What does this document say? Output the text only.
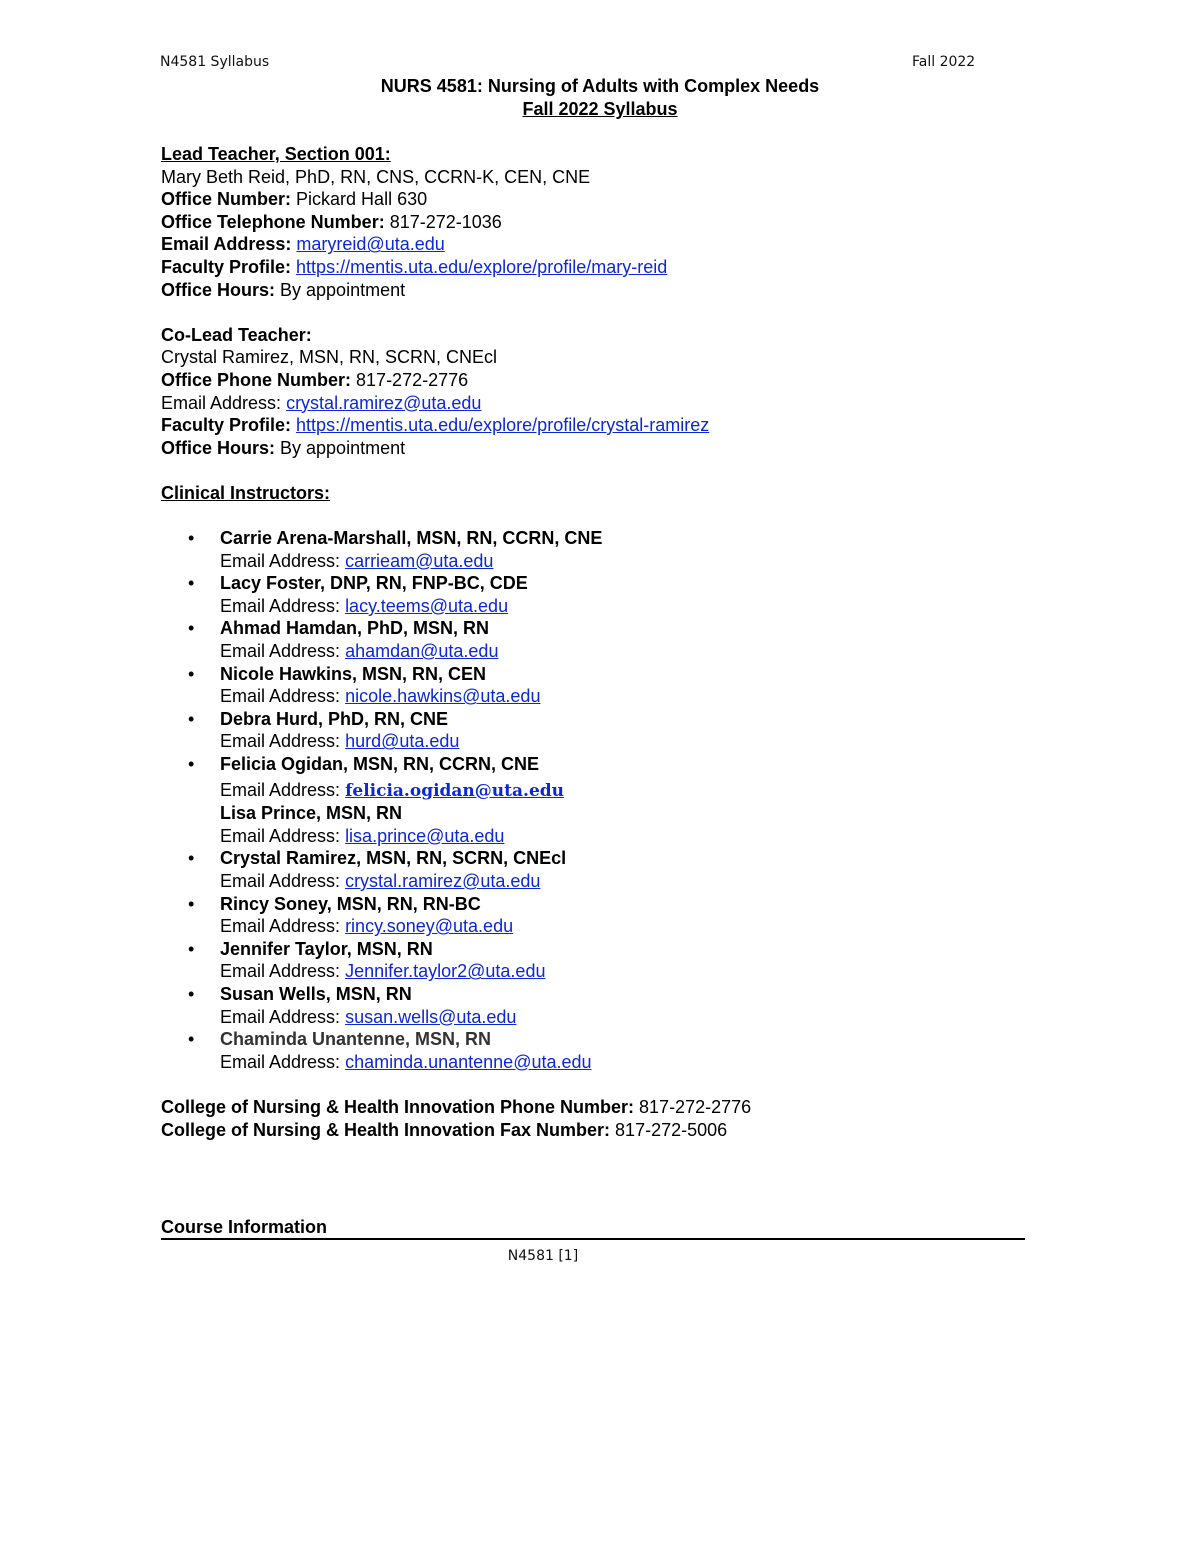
N4581 Syllabus	Fall 2022
NURS 4581: Nursing of Adults with Complex Needs
Fall 2022 Syllabus
Lead Teacher, Section 001:
Mary Beth Reid, PhD, RN, CNS, CCRN-K, CEN, CNE
Office Number: Pickard Hall 630
Office Telephone Number: 817-272-1036
Email Address: maryreid@uta.edu
Faculty Profile: https://mentis.uta.edu/explore/profile/mary-reid
Office Hours: By appointment
Co-Lead Teacher:
Crystal Ramirez, MSN, RN, SCRN, CNEcl
Office Phone Number: 817-272-2776
Email Address: crystal.ramirez@uta.edu
Faculty Profile: https://mentis.uta.edu/explore/profile/crystal-ramirez
Office Hours: By appointment
Clinical Instructors:
• Carrie Arena-Marshall, MSN, RN, CCRN, CNE
Email Address: carrieam@uta.edu
• Lacy Foster, DNP, RN, FNP-BC, CDE
Email Address: lacy.teems@uta.edu
• Ahmad Hamdan, PhD, MSN, RN
Email Address: ahamdan@uta.edu
• Nicole Hawkins, MSN, RN, CEN
Email Address: nicole.hawkins@uta.edu
• Debra Hurd, PhD, RN, CNE
Email Address: hurd@uta.edu
• Felicia Ogidan, MSN, RN, CCRN, CNE
Email Address: felicia.ogidan@uta.edu
Lisa Prince, MSN, RN
Email Address: lisa.prince@uta.edu
• Crystal Ramirez, MSN, RN, SCRN, CNEcl
Email Address: crystal.ramirez@uta.edu
• Rincy Soney, MSN, RN, RN-BC
Email Address: rincy.soney@uta.edu
• Jennifer Taylor, MSN, RN
Email Address: Jennifer.taylor2@uta.edu
• Susan Wells, MSN, RN
Email Address: susan.wells@uta.edu
• Chaminda Unantenne, MSN, RN
Email Address: chaminda.unantenne@uta.edu
College of Nursing & Health Innovation Phone Number: 817-272-2776
College of Nursing & Health Innovation Fax Number: 817-272-5006
Course Information
N4581 [1]
